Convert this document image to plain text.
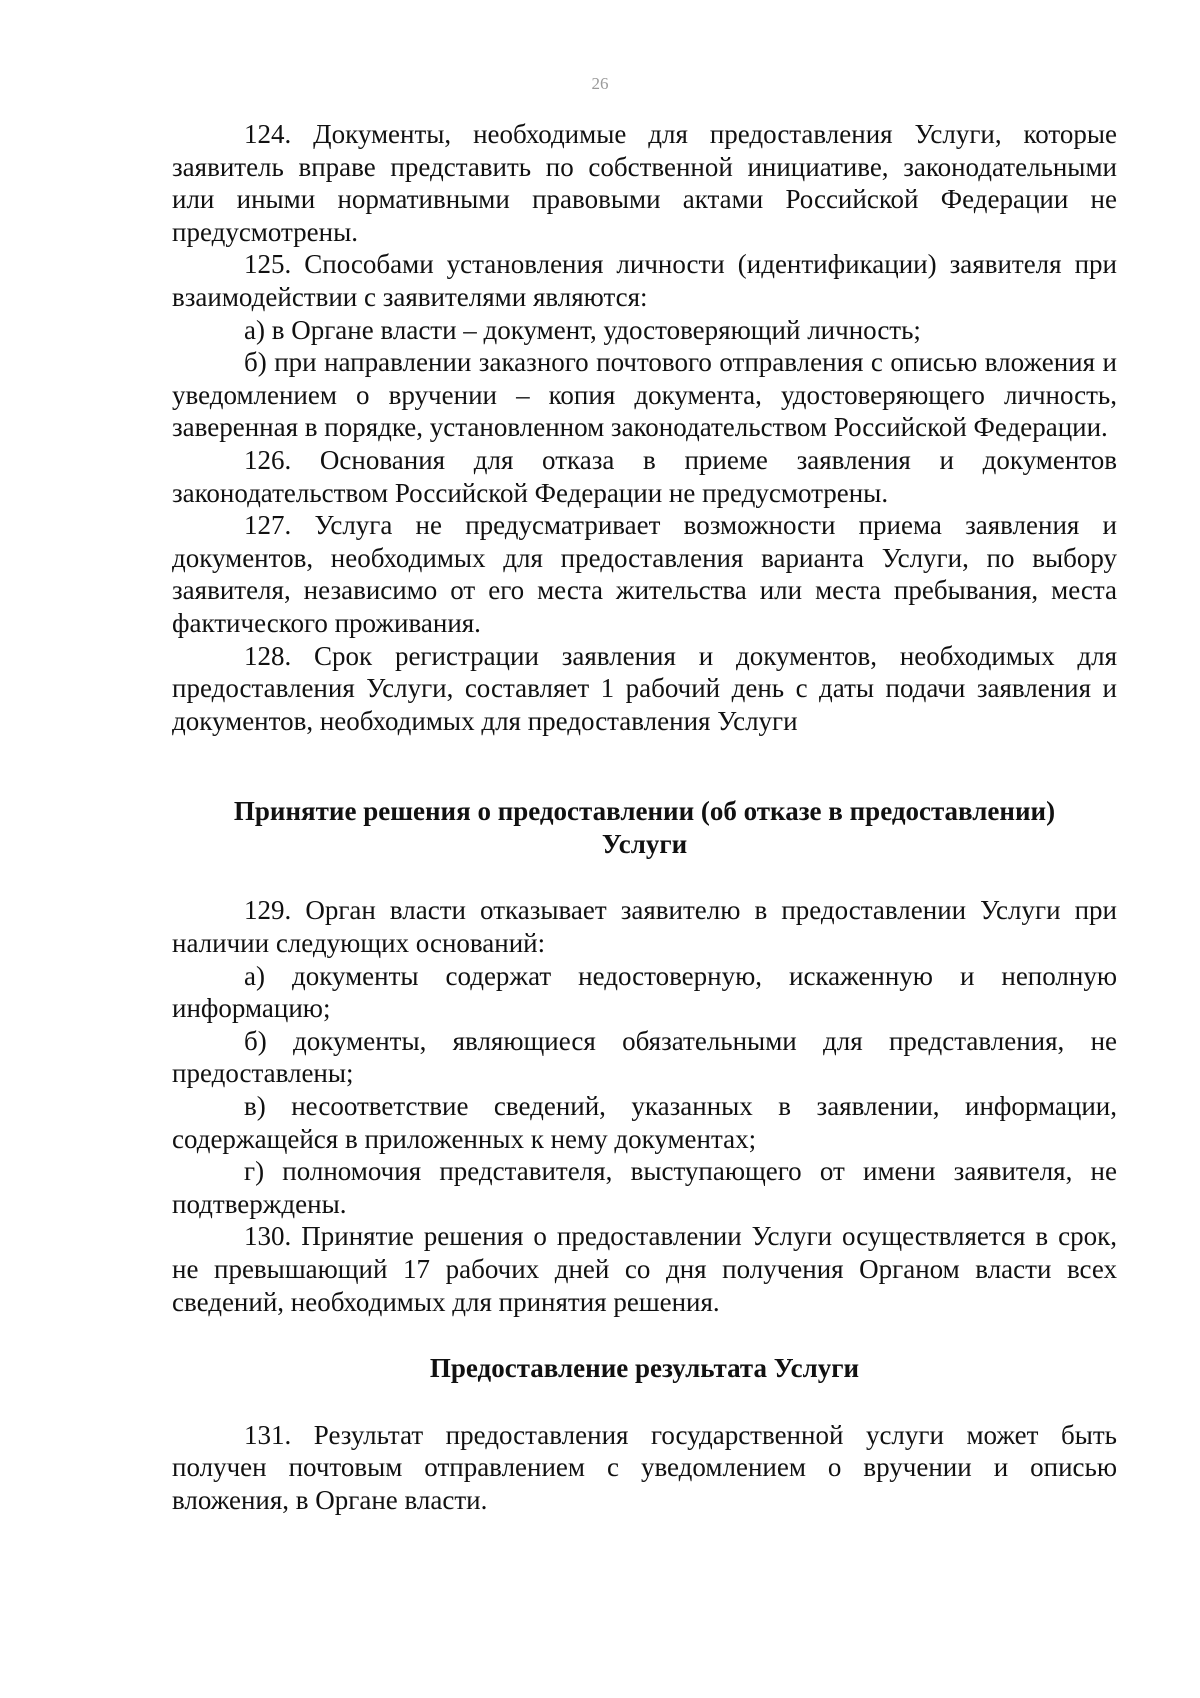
26

124. Документы, необходимые для предоставления Услуги, которые заявитель вправе представить по собственной инициативе, законодательными или иными нормативными правовыми актами Российской Федерации не предусмотрены.

125. Способами установления личности (идентификации) заявителя при взаимодействии с заявителями являются:

а) в Органе власти – документ, удостоверяющий личность;

б) при направлении заказного почтового отправления с описью вложения и уведомлением о вручении – копия документа, удостоверяющего личность, заверенная в порядке, установленном законодательством Российской Федерации.

126. Основания для отказа в приеме заявления и документов законодательством Российской Федерации не предусмотрены.

127. Услуга не предусматривает возможности приема заявления и документов, необходимых для предоставления варианта Услуги, по выбору заявителя, независимо от его места жительства или места пребывания, места фактического проживания.

128. Срок регистрации заявления и документов, необходимых для предоставления Услуги, составляет 1 рабочий день с даты подачи заявления и документов, необходимых для предоставления Услуги

Принятие решения о предоставлении (об отказе в предоставлении)
Услуги

129. Орган власти отказывает заявителю в предоставлении Услуги при наличии следующих оснований:

а) документы содержат недостоверную, искаженную и неполную информацию;

б) документы, являющиеся обязательными для представления, не предоставлены;

в) несоответствие сведений, указанных в заявлении, информации, содержащейся в приложенных к нему документах;

г) полномочия представителя, выступающего от имени заявителя, не подтверждены.

130. Принятие решения о предоставлении Услуги осуществляется в срок, не превышающий 17 рабочих дней со дня получения Органом власти всех сведений, необходимых для принятия решения.

Предоставление результата Услуги

131. Результат предоставления государственной услуги может быть получен почтовым отправлением с уведомлением о вручении и описью вложения, в Органе власти.
